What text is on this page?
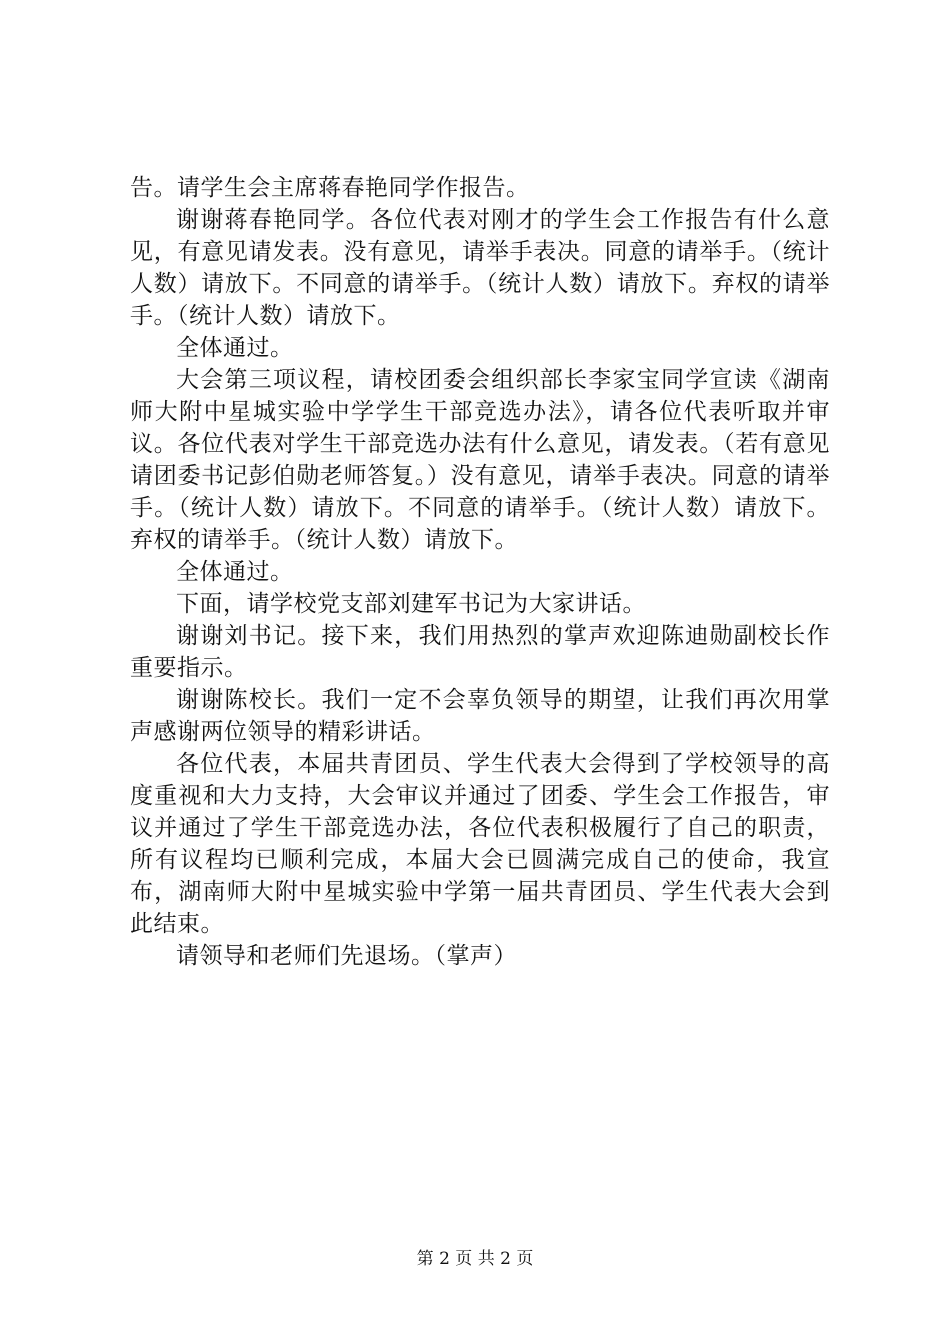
告。请学生会主席蒋春艳同学作报告。

谢谢蒋春艳同学。各位代表对刚才的学生会工作报告有什么意见，有意见请发表。没有意见，请举手表决。同意的请举手。（统计人数）请放下。不同意的请举手。（统计人数）请放下。弃权的请举手。（统计人数）请放下。

全体通过。

大会第三项议程，请校团委会组织部长李家宝同学宣读《湖南师大附中星城实验中学学生干部竞选办法》，请各位代表听取并审议。各位代表对学生干部竞选办法有什么意见，请发表。（若有意见请团委书记彭伯勋老师答复。）没有意见，请举手表决。同意的请举手。（统计人数）请放下。不同意的请举手。（统计人数）请放下。弃权的请举手。（统计人数）请放下。

全体通过。

下面，请学校党支部刘建军书记为大家讲话。

谢谢刘书记。接下来，我们用热烈的掌声欢迎陈迪勋副校长作重要指示。

谢谢陈校长。我们一定不会辜负领导的期望，让我们再次用掌声感谢两位领导的精彩讲话。

各位代表，本届共青团员、学生代表大会得到了学校领导的高度重视和大力支持，大会审议并通过了团委、学生会工作报告，审议并通过了学生干部竞选办法，各位代表积极履行了自己的职责，所有议程均已顺利完成，本届大会已圆满完成自己的使命，我宣布，湖南师大附中星城实验中学第一届共青团员、学生代表大会到此结束。

请领导和老师们先退场。（掌声）

第 2 页 共 2 页
